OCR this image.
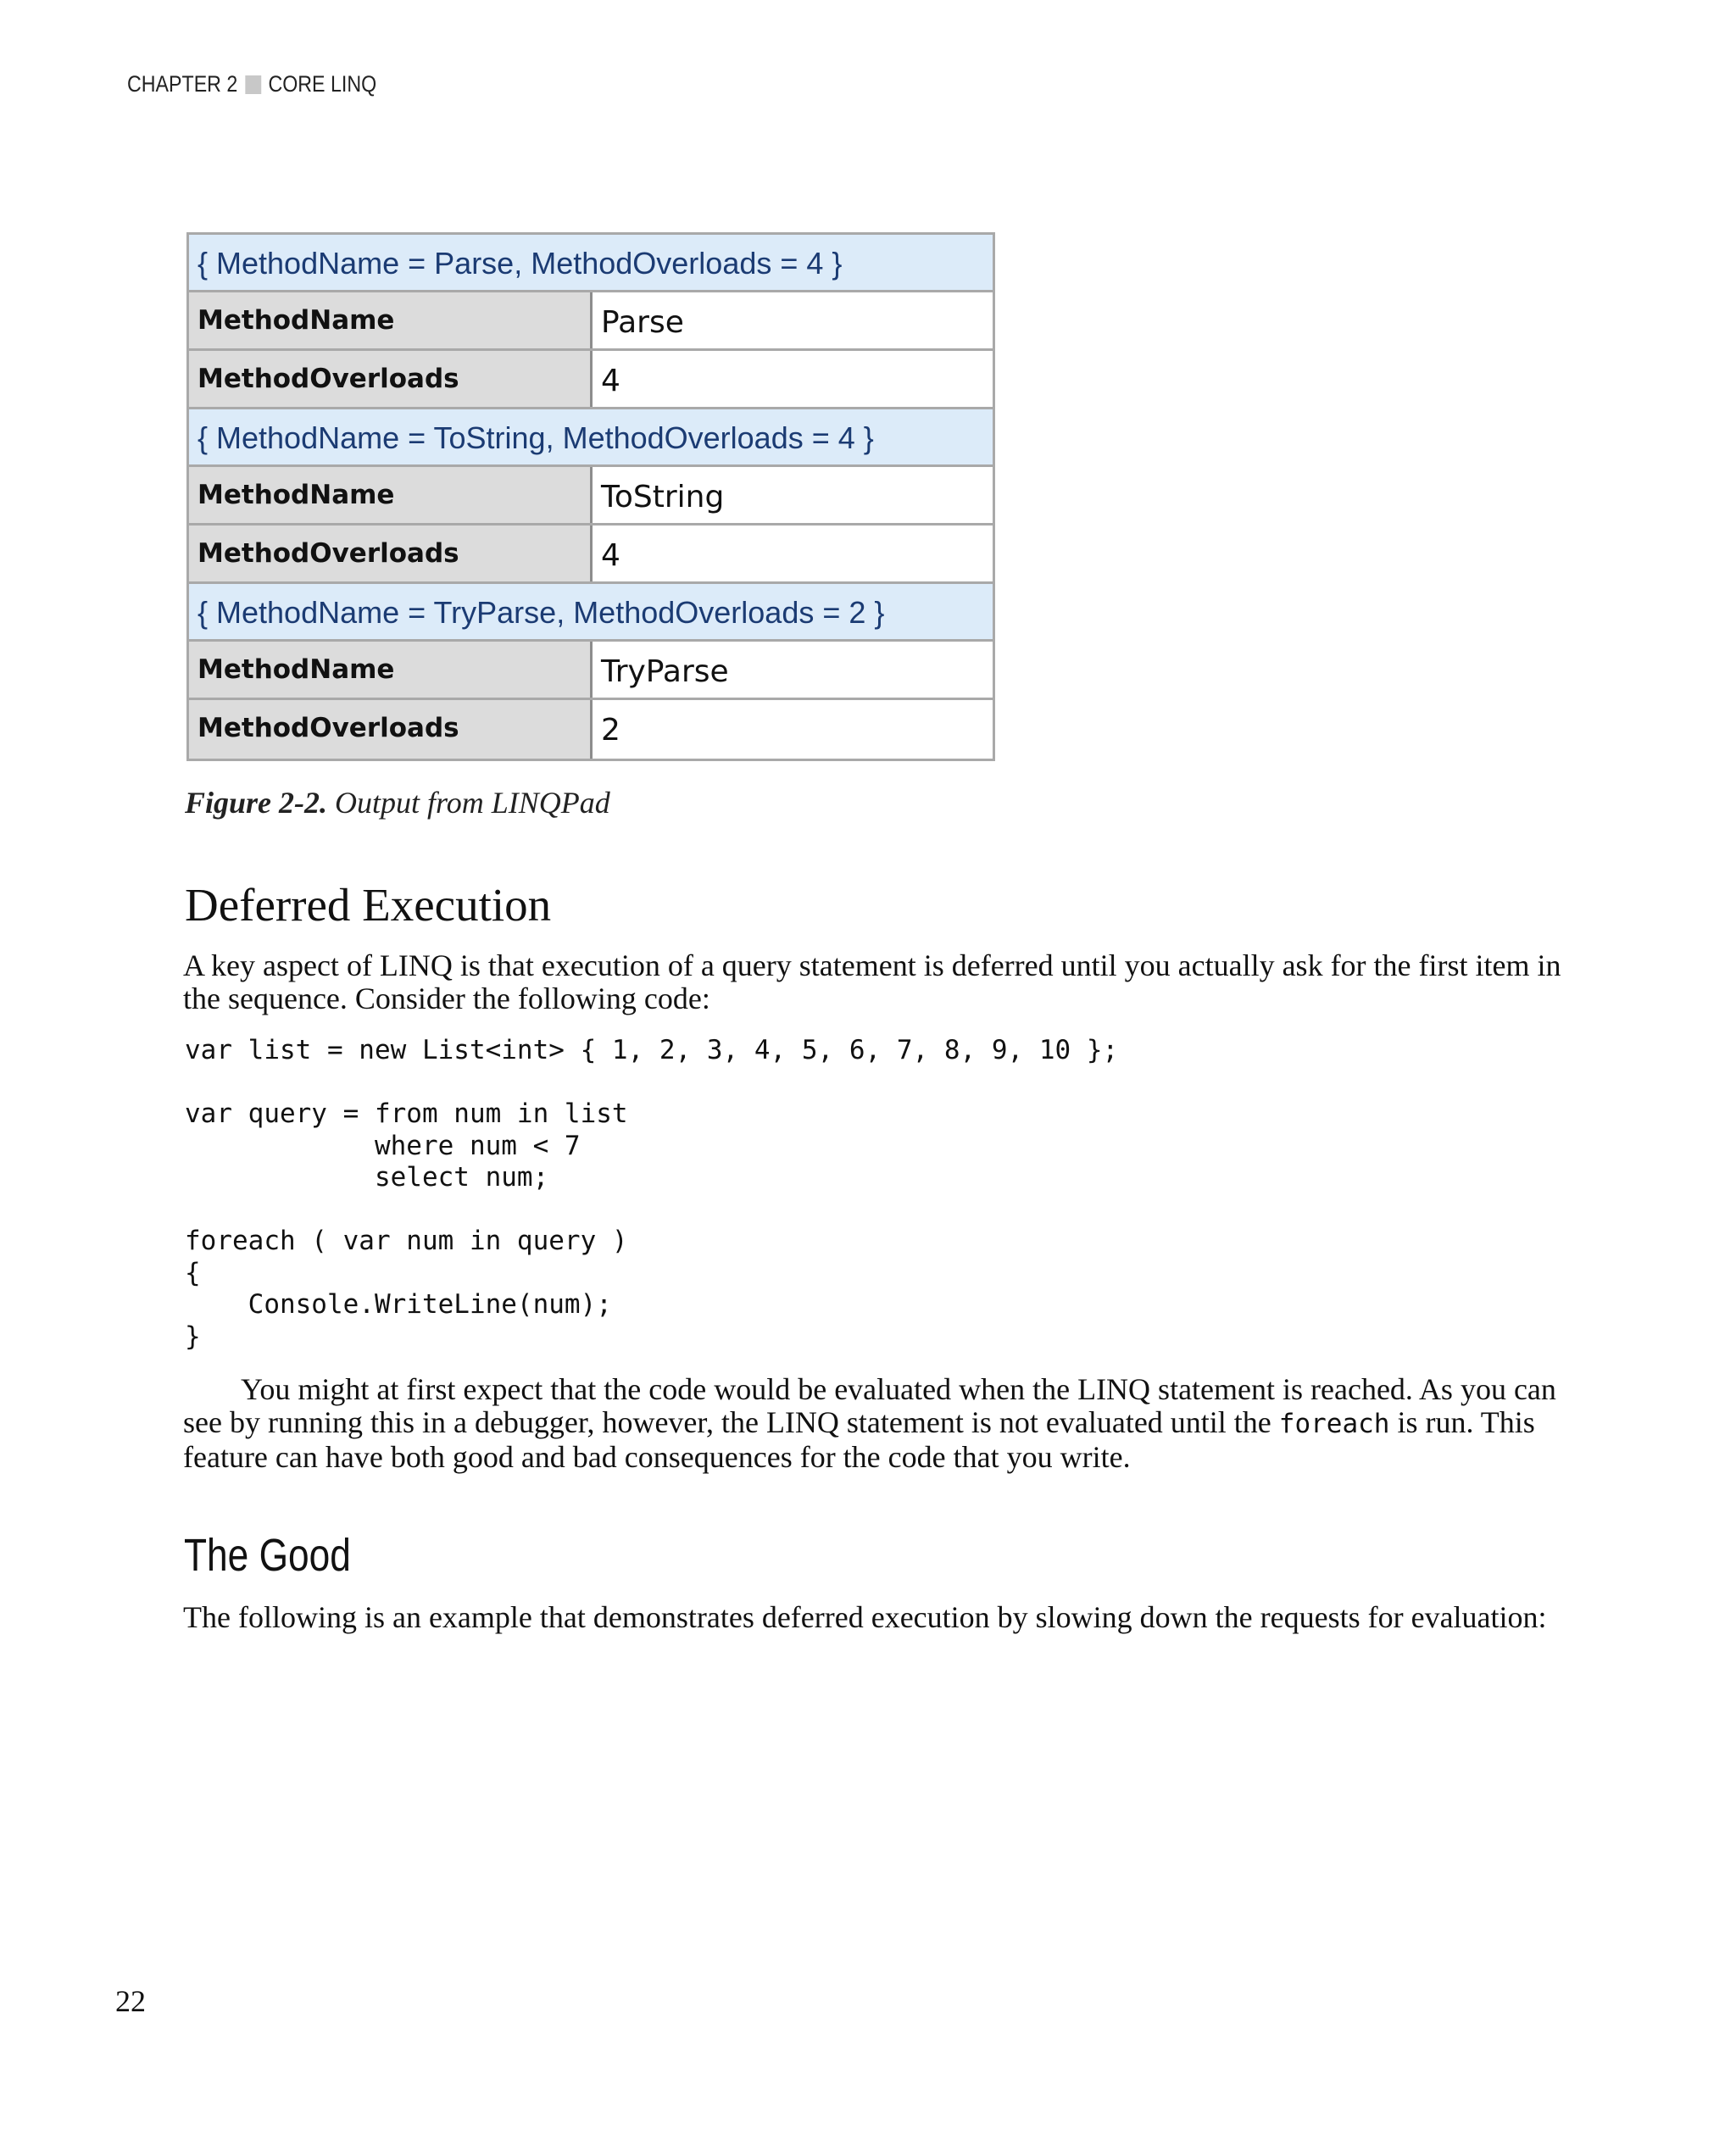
CHAPTER 2 CORE LINQ
{ MethodName = Parse, MethodOverloads = 4 }
MethodName	Parse
MethodOverloads	4
{ MethodName = ToString, MethodOverloads = 4 }
MethodName	ToString
MethodOverloads	4
{ MethodName = TryParse, MethodOverloads = 2 }
MethodName	TryParse
MethodOverloads	2
Figure 2-2. Output from LINQPad
Deferred Execution

A key aspect of LINQ is that execution of a query statement is deferred until you actually ask for the first item in the sequence. Consider the following code:

var list = new List<int> { 1, 2, 3, 4, 5, 6, 7, 8, 9, 10 };

var query = from num in list
where num < 7
select num;

foreach ( var num in query )
{
Console.WriteLine(num);
}

You might at first expect that the code would be evaluated when the LINQ statement is reached. As you can see by running this in a debugger, however, the LINQ statement is not evaluated until the foreach is run. This feature can have both good and bad consequences for the code that you write.

The Good

The following is an example that demonstrates deferred execution by slowing down the requests for evaluation:

22
